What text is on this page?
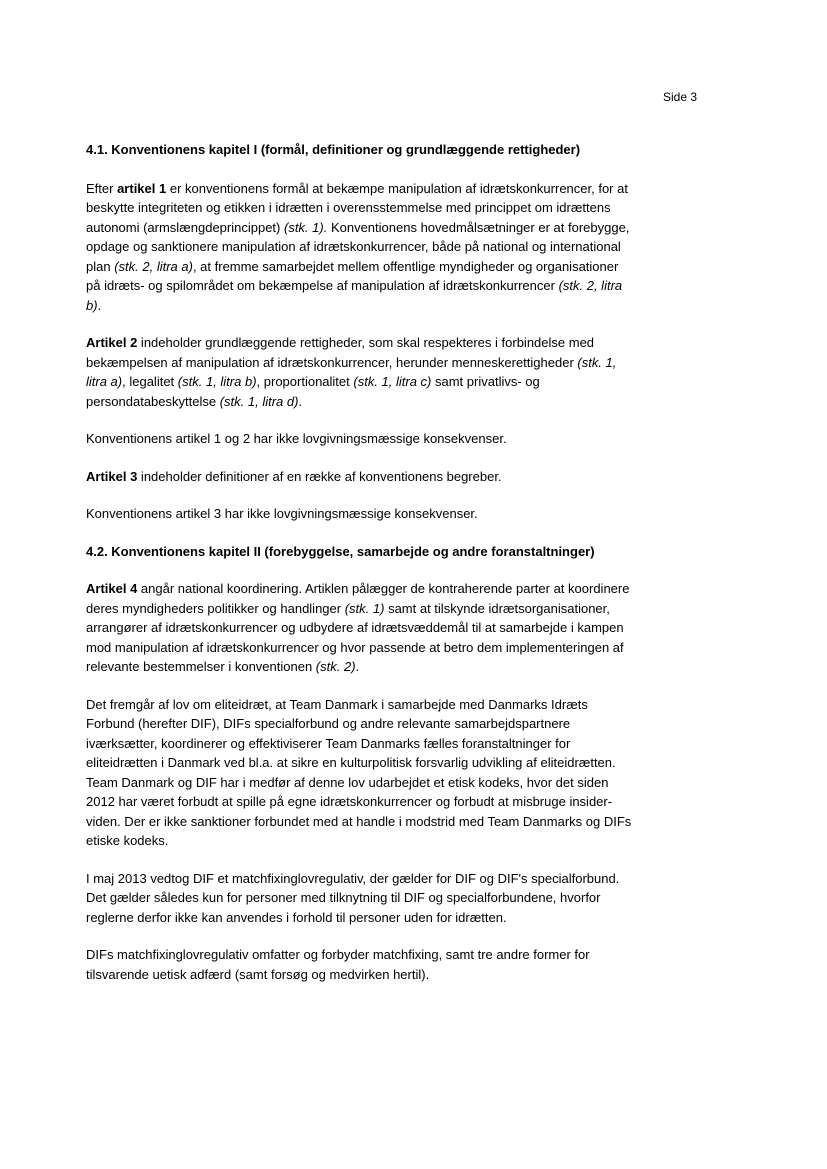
Side 3

4.1. Konventionens kapitel I (formål, definitioner og grundlæggende rettigheder)

Efter artikel 1 er konventionens formål at bekæmpe manipulation af idrætskonkurrencer, for at beskytte integriteten og etikken i idrætten i overensstemmelse med princippet om idrættens autonomi (armslængdeprincippet) (stk. 1). Konventionens hovedmålsætninger er at forebygge, opdage og sanktionere manipulation af idrætskonkurrencer, både på national og international plan (stk. 2, litra a), at fremme samarbejdet mellem offentlige myndigheder og organisationer på idræts- og spilområdet om bekæmpelse af manipulation af idrætskonkurrencer (stk. 2, litra b).

Artikel 2 indeholder grundlæggende rettigheder, som skal respekteres i forbindelse med bekæmpelsen af manipulation af idrætskonkurrencer, herunder menneskerettigheder (stk. 1, litra a), legalitet (stk. 1, litra b), proportionalitet (stk. 1, litra c) samt privatlivs- og persondatabeskyttelse (stk. 1, litra d).

Konventionens artikel 1 og 2 har ikke lovgivningsmæssige konsekvenser.

Artikel 3 indeholder definitioner af en række af konventionens begreber.

Konventionens artikel 3 har ikke lovgivningsmæssige konsekvenser.

4.2. Konventionens kapitel II (forebyggelse, samarbejde og andre foranstaltninger)

Artikel 4 angår national koordinering. Artiklen pålægger de kontraherende parter at koordinere deres myndigheders politikker og handlinger (stk. 1) samt at tilskynde idrætsorganisationer, arrangører af idrætskonkurrencer og udbydere af idrætsvæddemål til at samarbejde i kampen mod manipulation af idrætskonkurrencer og hvor passende at betro dem implementeringen af relevante bestemmelser i konventionen (stk. 2).

Det fremgår af lov om eliteidræt, at Team Danmark i samarbejde med Danmarks Idræts Forbund (herefter DIF), DIFs specialforbund og andre relevante samarbejdspartnere iværksætter, koordinerer og effektiviserer Team Danmarks fælles foranstaltninger for eliteidrætten i Danmark ved bl.a. at sikre en kulturpolitisk forsvarlig udvikling af eliteidrætten. Team Danmark og DIF har i medfør af denne lov udarbejdet et etisk kodeks, hvor det siden 2012 har været forbudt at spille på egne idrætskonkurrencer og forbudt at misbruge insider-viden. Der er ikke sanktioner forbundet med at handle i modstrid med Team Danmarks og DIFs etiske kodeks.

I maj 2013 vedtog DIF et matchfixinglovregulativ, der gælder for DIF og DIF's specialforbund. Det gælder således kun for personer med tilknytning til DIF og specialforbundene, hvorfor reglerne derfor ikke kan anvendes i forhold til personer uden for idrætten.

DIFs matchfixinglovregulativ omfatter og forbyder matchfixing, samt tre andre former for tilsvarende uetisk adfærd (samt forsøg og medvirken hertil).
